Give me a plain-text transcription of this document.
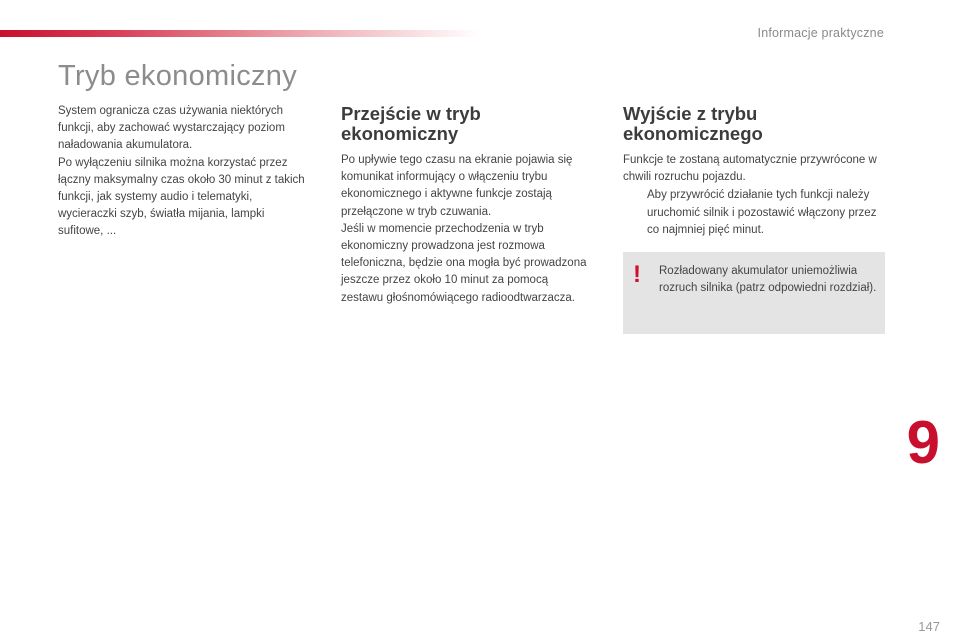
Informacje praktyczne
Tryb ekonomiczny

System ogranicza czas używania niektórych funkcji, aby zachować wystarczający poziom naładowania akumulatora.

Po wyłączeniu silnika można korzystać przez łączny maksymalny czas około 30 minut z takich funkcji, jak systemy audio i telematyki, wycieraczki szyb, światła mijania, lampki sufitowe, ...

Przejście w tryb ekonomiczny

Po upływie tego czasu na ekranie pojawia się komunikat informujący o włączeniu trybu ekonomicznego i aktywne funkcje zostają przełączone w tryb czuwania.

Jeśli w momencie przechodzenia w tryb ekonomiczny prowadzona jest rozmowa telefoniczna, będzie ona mogła być prowadzona jeszcze przez około 10 minut za pomocą zestawu głośnomówiącego radioodtwarzacza.

Wyjście z trybu ekonomicznego

Funkcje te zostaną automatycznie przywrócone w chwili rozruchu pojazdu.

Aby przywrócić działanie tych funkcji należy uruchomić silnik i pozostawić włączony przez co najmniej pięć minut.
! Rozładowany akumulator uniemożliwia rozruch silnika (patrz odpowiedni rozdział).
9
147
